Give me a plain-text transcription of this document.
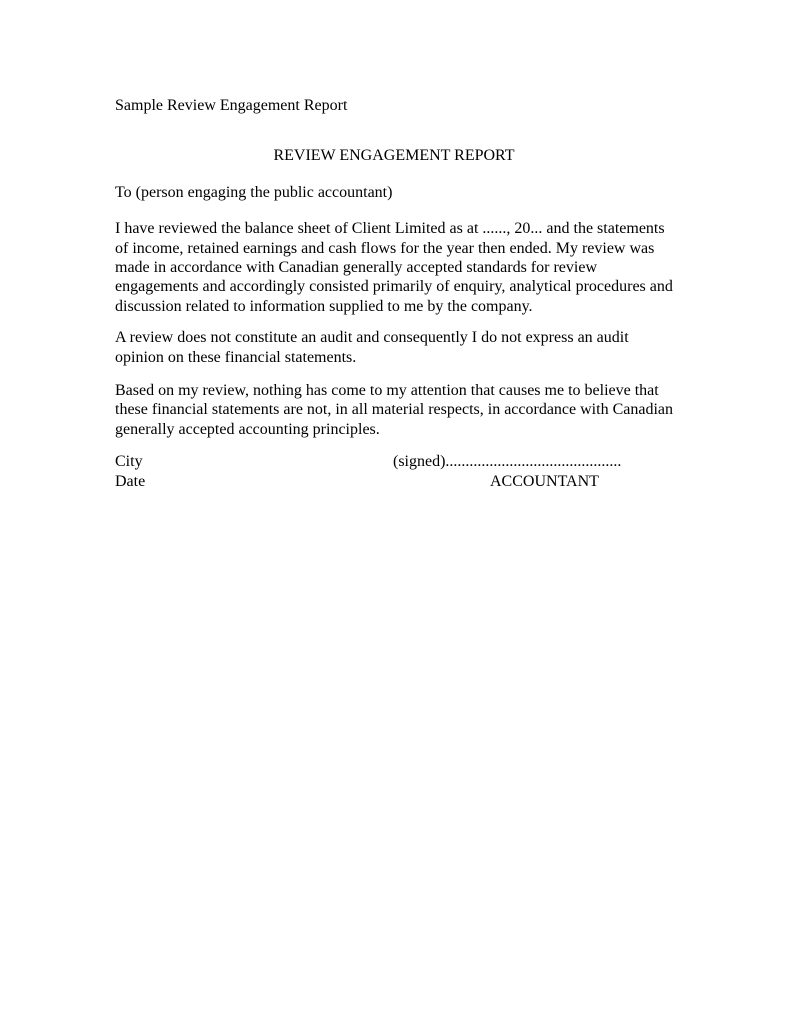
Sample Review Engagement Report

REVIEW ENGAGEMENT REPORT

To (person engaging the public accountant)

I have reviewed the balance sheet of Client Limited as at ......, 20... and the statements of income, retained earnings and cash flows for the year then ended. My review was made in accordance with Canadian generally accepted standards for review engagements and accordingly consisted primarily of enquiry, analytical procedures and discussion related to information supplied to me by the company.

A review does not constitute an audit and consequently I do not express an audit opinion on these financial statements.

Based on my review, nothing has come to my attention that causes me to believe that these financial statements are not, in all material respects, in accordance with Canadian generally accepted accounting principles.

City	(signed)............................................
Date	ACCOUNTANT
